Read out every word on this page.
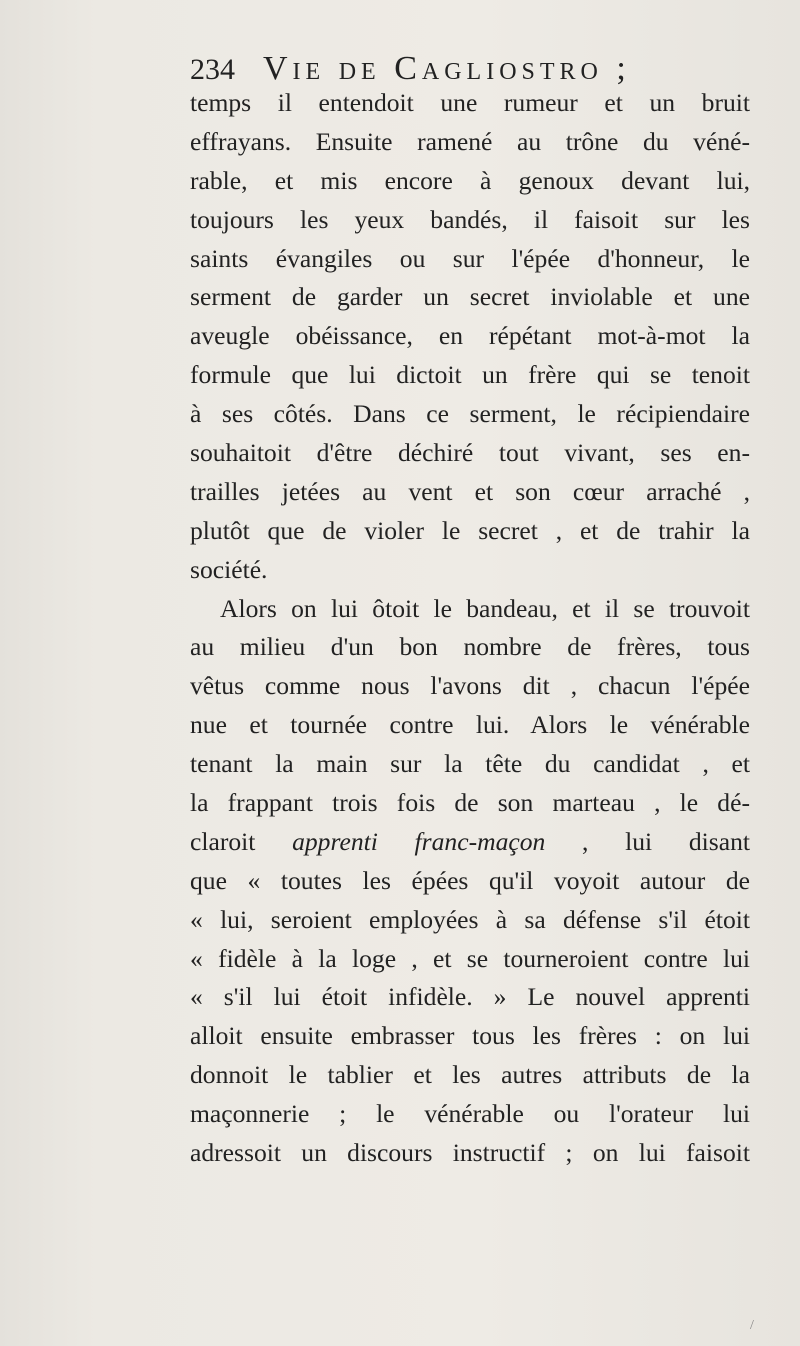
234 Vie de Cagliostro ;
temps il entendoit une rumeur et un bruit
effrayans. Ensuite ramené au trône du véné-
rable, et mis encore à genoux devant lui,
toujours les yeux bandés, il faisoit sur les
saints évangiles ou sur l'épée d'honneur, le
serment de garder un secret inviolable et une
aveugle obéissance, en répétant mot-à-mot la
formule que lui dictoit un frère qui se tenoit
à ses côtés. Dans ce serment, le récipiendaire
souhaitoit d'être déchiré tout vivant, ses en-
trailles jetées au vent et son cœur arraché ,
plutôt que de violer le secret , et de trahir la
société.
Alors on lui ôtoit le bandeau, et il se trouvoit
au milieu d'un bon nombre de frères, tous
vêtus comme nous l'avons dit , chacun l'épée
nue et tournée contre lui. Alors le vénérable
tenant la main sur la tête du candidat , et
la frappant trois fois de son marteau , le dé-
claroit apprenti franc-maçon , lui disant
que « toutes les épées qu'il voyoit autour de
« lui, seroient employées à sa défense s'il étoit
« fidèle à la loge , et se tourneroient contre lui
« s'il lui étoit infidèle. » Le nouvel apprenti
alloit ensuite embrasser tous les frères : on lui
donnoit le tablier et les autres attributs de la
maçonnerie ; le vénérable ou l'orateur lui
adressoit un discours instructif ; on lui faisoit
/
